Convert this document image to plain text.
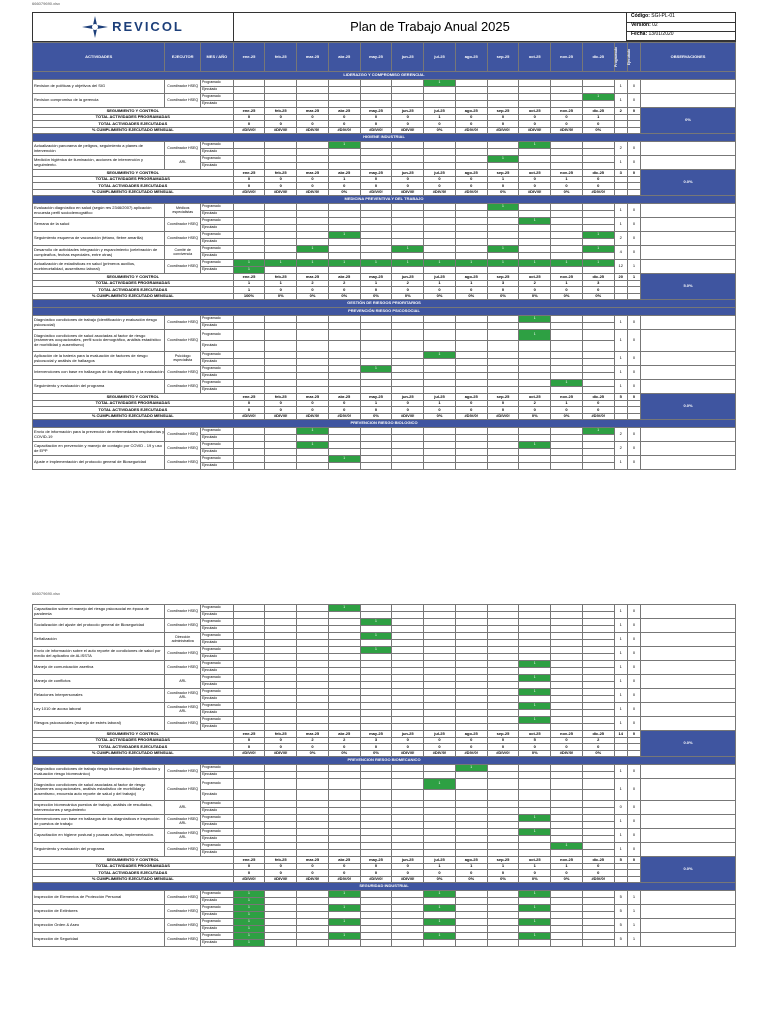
666079690.xlsx
REVICOL	Plan de Trabajo Anual 2025	
Código: SGI-PL-01
Versión: 02
Fecha: 13/01/2020
ACTIVIDADES	EJECUTOR	MES / AÑO	ene-25	feb-25	mar-25	abr-25	may-25	jun-25	jul-25	ago-25	sep-25	oct-25	nov-25	dic-25	Programado	Ejecutado	OBSERVACIONES
LIDERAZGO Y COMPROMISO GERENCIAL																	
Revision de políticas y objetivos del SIG	Coordinador HSEQ	Programado							1						1	0	
		Ejecutado															
Revision compromiso de la gerencia	Coordinador HSEQ	Programado												1	1	0	
		Ejecutado															
SEGUIMIENTO Y CONTROL			ene-25	feb-25	mar-25	abr-25	may-25	jun-25	jul-25	ago-25	sep-25	oct-25	nov-25	dic-25	2	0	0%
TOTAL ACTIVIDADES PROGRAMADAS			0	0	0	0	0	0	1	0	0	0	0	1			
TOTAL ACTIVIDADES EJECUTADAS			0	0	0	0	0	0	0	0	0	0	0	0			
% CUMPLIMIENTO EJECUTADO MENSUAL			#DIV/0!	#DIV/0!	#DIV/0!	#DIV/0!	#DIV/0!	#DIV/0!	0%	#DIV/0!	#DIV/0!	#DIV/0!	#DIV/0!	0%			
HIGIENE INDUSTRIAL																	
Actualización panorama de peligros, seguimiento a planes de intervención	Coordinador HSEQ	Programado				1						1			2	0	
		Ejecutado															
Medición higiénica de iluminación, acciones de intervención y seguimiento.	ARL	Programado									1				1	0	
		Ejecutado															
SEGUIMIENTO Y CONTROL			ene-25	feb-25	mar-25	abr-25	may-25	jun-25	jul-25	ago-25	sep-25	oct-25	nov-25	dic-25	3	0	0.0%
TOTAL ACTIVIDADES PROGRAMADAS			0	0	0	1	0	0	0	0	1	0	1	0			
TOTAL ACTIVIDADES EJECUTADAS			0	0	0	0	0	0	0	0	0	0	0	0			
% CUMPLIMIENTO EJECUTADO MENSUAL			#DIV/0!	#DIV/0!	#DIV/0!	0%	#DIV/0!	#DIV/0!	#DIV/0!	#DIV/0!	0%	#DIV/0!	0%	#DIV/0!			
MEDICINA PREVENTIVA Y DEL TRABAJO																	
Evaluación diagnóstico en salud (según res 2346/2007) aplicación encuesta perfil sociodemográfico	Médicos especialistas	Programado									1				1	0	
		Ejecutado															
Semana de la salud	Coordinador HSEQ	Programado										1			1	0	
		Ejecutado															
Seguimiento esquema de vacunación (tétano, fiebre amarilla)	Coordinador HSEQ	Programado				1								1	2	0	
		Ejecutado															
Desarrollo de actividades integración y esparcimiento (celebración de cumpleaños, fechas especiales, entre otras)	Comité de convivencia	Programado			1			1			1			1	4	0	
		Ejecutado															
Actualización de estadísticas en salud (primeros auxilios, morbimortalidad, ausentismo laboral)	Coordinador HSEQ	Programado	1	1	1	1	1	1	1	1	1	1	1	1	12	1	
		Ejecutado	1														
SEGUIMIENTO Y CONTROL			ene-25	feb-25	mar-25	abr-25	may-25	jun-25	jul-25	ago-25	sep-25	oct-25	nov-25	dic-25	20	1	5.0%
TOTAL ACTIVIDADES PROGRAMADAS			1	1	2	2	1	2	1	1	3	2	1	3			
TOTAL ACTIVIDADES EJECUTADAS			1	0	0	0	0	0	0	0	0	0	0	0			
% CUMPLIMIENTO EJECUTADO MENSUAL			100%	0%	0%	0%	0%	0%	0%	0%	0%	0%	0%	0%			
GESTIÓN DE RIESGOS PRIORITARIOS																	
PREVENCIÓN RIESGO PSICOSOCIAL																	
Diagnóstico condiciones de trabajo (identificación y evaluación riesgo psicosocial)	Coordinador HSEQ	Programado										1			1	0	
		Ejecutado															
Diagnóstico condiciones de salud asociadas al factor de riesgo (exámenes ocupacionales, perfil socio demográfico, análisis estadístico de morbilidad y ausentismo)	Coordinador HSEQ	Programado										1			1	0	
		Ejecutado															
Aplicación de la batería para la evaluación de factores de riesgo psicosocial y análisis de hallazgos	Psicólogo especialista	Programado							1						1	0	
		Ejecutado															
Intervenciones con base en hallazgos de los diagnósticos y la evaluación	Coordinador HSEQ	Programado					1								1	0	
		Ejecutado															
Seguimiento y evaluación del programa	Coordinador HSEQ	Programado											1		1	0	
		Ejecutado															
SEGUIMIENTO Y CONTROL			ene-25	feb-25	mar-25	abr-25	may-25	jun-25	jul-25	ago-25	sep-25	oct-25	nov-25	dic-25	5	0	0.0%
TOTAL ACTIVIDADES PROGRAMADAS			0	0	0	0	1	0	1	0	0	2	1	0			
TOTAL ACTIVIDADES EJECUTADAS			0	0	0	0	0	0	0	0	0	0	0	0			
% CUMPLIMIENTO EJECUTADO MENSUAL			#DIV/0!	#DIV/0!	#DIV/0!	#DIV/0!	0%	#DIV/0!	0%	#DIV/0!	#DIV/0!	0%	0%	#DIV/0!			
PREVENCION RIESGO BIOLOGICO																	
Envío de información para la prevención de enfermedades respiratorias y COVID-19	Coordinador HSEQ	Programado			1									1	2	0	
		Ejecutado															
Capacitación en prevención y manejo de contagio por COVID - 19 y uso de EPP	Coordinador HSEQ	Programado			1							1			2	0	
		Ejecutado															
Ajuste e implementación del protocolo general de Bioseguridad	Coordinador HSEQ	Programado				1									1	0	
		Ejecutado															
666079690.xlsx
Capacitación sobre el manejo del riesgo psicosocial en época de pandemia	Coordinador HSEQ	Programado				1									1	0	
		Ejecutado															
Socialización del ajuste del protocolo general de Bioseguridad	Coordinador HSEQ	Programado					1								1	0	
		Ejecutado															
Señalización	Dirección administrativa	Programado					1								1	0	
		Ejecutado															
Envío de información sobre el auto reporte de condiciones de salud por medio del aplicativo de ALISSTA	Coordinador HSEQ	Programado					1								1	0	
		Ejecutado															
Manejo de comunicación asertiva	Coordinador HSEQ	Programado										1			1	0	
		Ejecutado															
Manejo de conflictos	ARL	Programado										1			1	0	
		Ejecutado															
Relaciones Interpersonales	Coordinador HSEQ ARL	Programado										1			1	0	
		Ejecutado															
Ley 1010 de acoso laboral	Coordinador HSEQ ARL	Programado										1			1	0	
		Ejecutado															
Riesgos psicosociales (manejo de estrés laboral)	Coordinador HSEQ	Programado										1			1	0	
		Ejecutado															
SEGUIMIENTO Y CONTROL			ene-25	feb-25	mar-25	abr-25	may-25	jun-25	jul-25	ago-25	sep-25	oct-25	nov-25	dic-25	14	0	0.0%
TOTAL ACTIVIDADES PROGRAMADAS			0	0	2	2	3	0	0	0	0	5	0	2			
TOTAL ACTIVIDADES EJECUTADAS			0	0	0	0	0	0	0	0	0	0	0	0			
% CUMPLIMIENTO EJECUTADO MENSUAL			#DIV/0!	#DIV/0!	0%	0%	0%	#DIV/0!	#DIV/0!	#DIV/0!	#DIV/0!	0%	#DIV/0!	0%			
PREVENCION RIESGO BIOMECANICO																	
Diagnóstico condiciones de trabajo riesgo biomecánico (identificación y evaluación riesgo biomecánico)	Coordinador HSEQ	Programado								1					1	0	
		Ejecutado															
Diagnóstico condiciones de salud asociadas al factor de riesgo (exámenes ocupacionales, análisis estadístico de morbilidad y ausentismo, encuesta auto reporte de salud y del trabajo)	Coordinador HSEQ	Programado							1						1	0	
		Ejecutado															
Inspección biomecánica puestos de trabajo, análisis de resultados, intervenciones y seguimiento	ARL	Programado													0	0	
		Ejecutado															
Intervenciones con base en hallazgos de los diagnósticos e inspección de puestos de trabajo	Coordinador HSEQ ARL	Programado										1			1	0	
		Ejecutado															
Capacitación en higiene postural y pausas activas, implementación.	Coordinador HSEQ ARL	Programado										1			1	0	
		Ejecutado															
Seguimiento y evaluación del programa	Coordinador HSEQ	Programado											1		1	0	
		Ejecutado															
SEGUIMIENTO Y CONTROL			ene-25	feb-25	mar-25	abr-25	may-25	jun-25	jul-25	ago-25	sep-25	oct-25	nov-25	dic-25	5	0	0.0%
TOTAL ACTIVIDADES PROGRAMADAS			0	0	0	0	0	0	1	1	1	1	1	0			
TOTAL ACTIVIDADES EJECUTADAS			0	0	0	0	0	0	0	0	0	0	0	0			
% CUMPLIMIENTO EJECUTADO MENSUAL			#DIV/0!	#DIV/0!	#DIV/0!	#DIV/0!	#DIV/0!	#DIV/0!	0%	0%	0%	0%	0%	#DIV/0!			
SEGURIDAD INDUSTRIAL																	
Inspección de Elementos de Protección Personal	Coordinador HSEQ	Programado	1			1			1			1			5	1	
		Ejecutado	1														
Inspección de Extintores	Coordinador HSEQ	Programado	1			1			1			1			5	1	
		Ejecutado	1														
Inspección Orden & Aseo	Coordinador HSEQ	Programado	1			1			1			1			5	1	
		Ejecutado	1														
Inspección de Seguridad	Coordinador HSEQ	Programado	1			1			1			1			5	1	
		Ejecutado	1														
